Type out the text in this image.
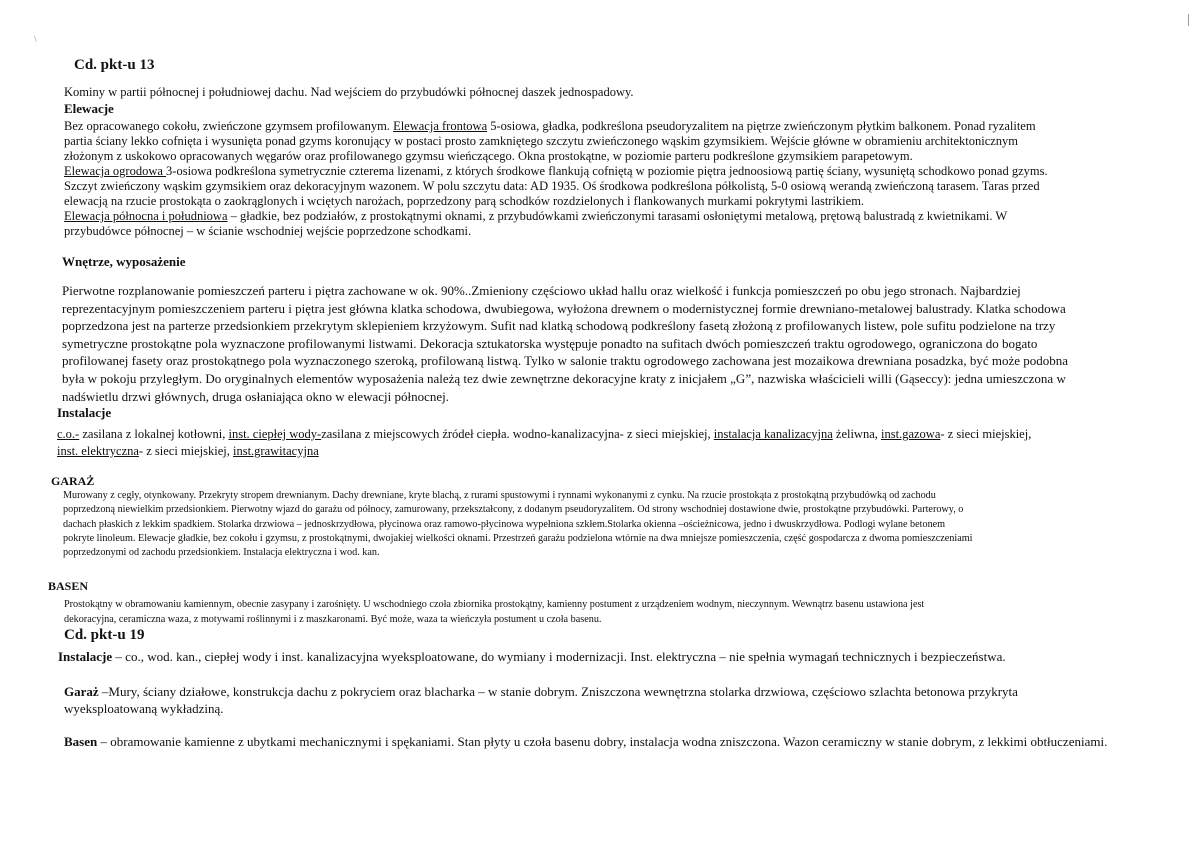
\
Cd. pkt-u 13
Kominy w partii północnej i południowej dachu. Nad wejściem do przybudówki północnej daszek jednospadowy.
Elewacje
Bez opracowanego cokołu, zwieńczone gzymsem profilowanym. Elewacja frontowa 5-osiowa, gładka, podkreślona pseudoryzalitem na piętrze zwieńczonym płytkim balkonem. Ponad ryzalitem
partia ściany lekko cofnięta i wysunięta ponad gzyms koronujący w postaci prosto zamkniętego szczytu zwieńczonego wąskim gzymsikiem. Wejście główne w obramieniu architektonicznym
złożonym z uskokowo opracowanych węgarów oraz profilowanego gzymsu wieńczącego. Okna prostokątne, w poziomie parteru podkreślone gzymsikiem parapetowym.
Elewacja ogrodowa 3-osiowa podkreślona symetrycznie czterema lizenami, z których środkowe flankują cofniętą w poziomie piętra jednoosiową partię ściany, wysuniętą schodkowo ponad gzyms.
Szczyt zwieńczony wąskim gzymsikiem oraz dekoracyjnym wazonem. W polu szczytu data: AD 1935. Oś środkowa podkreślona półkolistą, 5-0 osiową werandą zwieńczoną tarasem. Taras przed
elewacją na rzucie prostokąta o zaokrąglonych i wciętych narożach, poprzedzony parą schodków rozdzielonych i flankowanych murkami pokrytymi lastrikiem.
Elewacja północna i południowa – gładkie, bez podziałów, z prostokątnymi oknami, z przybudówkami zwieńczonymi tarasami osłoniętymi metalową, prętową balustradą z kwietnikami. W
przybudówce północnej – w ścianie wschodniej wejście poprzedzone schodkami.
Wnętrze, wyposażenie
Pierwotne rozplanowanie pomieszczeń parteru i piętra zachowane w ok. 90%..Zmieniony częściowo układ hallu oraz wielkość i funkcja pomieszczeń po obu jego stronach. Najbardziej
reprezentacyjnym pomieszczeniem parteru i piętra jest główna klatka schodowa, dwubiegowa, wyłożona drewnem o modernistycznej formie drewniano-metalowej balustrady. Klatka schodowa
poprzedzona jest na parterze przedsionkiem przekrytym sklepieniem krzyżowym. Sufit nad klatką schodową podkreślony fasetą złożoną z profilowanych listew, pole sufitu podzielone na trzy
symetryczne prostokątne pola wyznaczone profilowanymi listwami. Dekoracja sztukatorska występuje ponadto na sufitach dwóch pomieszczeń traktu ogrodowego, ograniczona do bogato
profilowanej fasety oraz prostokątnego pola wyznaczonego szeroką, profilowaną listwą. Tylko w salonie traktu ogrodowego zachowana jest mozaikowa drewniana posadzka, być może podobna
była w pokoju przyległym. Do oryginalnych elementów wyposażenia należą tez dwie zewnętrzne dekoracyjne kraty z inicjałem „G”, nazwiska właścicieli willi (Gąseccy): jedna umieszczona w
nadświetlu drzwi głównych, druga osłaniająca okno w elewacji północnej.
Instalacje
c.o.- zasilana z lokalnej kotłowni, inst. ciepłej wody-zasilana z miejscowych źródeł ciepła. wodno-kanalizacyjna- z sieci miejskiej, instalacja kanalizacyjna żeliwna, inst.gazowa- z sieci miejskiej,
inst. elektryczna- z sieci miejskiej, inst.grawitacyjna
GARAŻ
Murowany z cegły, otynkowany. Przekryty stropem drewnianym. Dachy drewniane, kryte blachą, z rurami spustowymi i rynnami wykonanymi z cynku. Na rzucie prostokąta z prostokątną przybudówką od zachodu
poprzedzoną niewielkim przedsionkiem. Pierwotny wjazd do garażu od północy, zamurowany, przekształcony, z dodanym pseudoryzalitem. Od strony wschodniej dostawione dwie, prostokątne przybudówki. Parterowy, o
dachach płaskich z lekkim spadkiem. Stolarka drzwiowa – jednoskrzydłowa, płycinowa oraz ramowo-płycinowa wypełniona szkłem.Stolarka okienna –ościeżnicowa, jedno i dwuskrzydłowa. Podlogi wylane betonem
pokryte linoleum. Elewacje gładkie, bez cokołu i gzymsu, z prostokątnymi, dwojakiej wielkości oknami. Przestrzeń garażu podzielona wtórnie na dwa mniejsze pomieszczenia, część gospodarcza z dwoma pomieszczeniami
poprzedzonymi od zachodu przedsionkiem. Instalacja elektryczna i wod. kan.
BASEN
Prostokątny w obramowaniu kamiennym, obecnie zasypany i zarośnięty. U wschodniego czoła zbiornika prostokątny, kamienny postument z urządzeniem wodnym, nieczynnym. Wewnątrz basenu ustawiona jest
dekoracyjna, ceramiczna waza, z motywami roślinnymi i z maszkaronami. Być może, waza ta wieńczyła postument u czoła basenu.
Cd. pkt-u 19
Instalacje – co., wod. kan., ciepłej wody i inst. kanalizacyjna wyeksploatowane, do wymiany i modernizacji. Inst. elektryczna – nie spełnia wymagań technicznych i bezpieczeństwa.
Garaż –Mury, ściany działowe, konstrukcja dachu z pokryciem oraz blacharka – w stanie dobrym. Zniszczona wewnętrzna stolarka drzwiowa, częściowo szlachta betonowa przykryta
wyeksploatowaną wykładziną.
Basen – obramowanie kamienne z ubytkami mechanicznymi i spękaniami. Stan płyty u czoła basenu dobry, instalacja wodna zniszczona. Wazon ceramiczny w stanie dobrym, z lekkimi obtłuczeniami.
